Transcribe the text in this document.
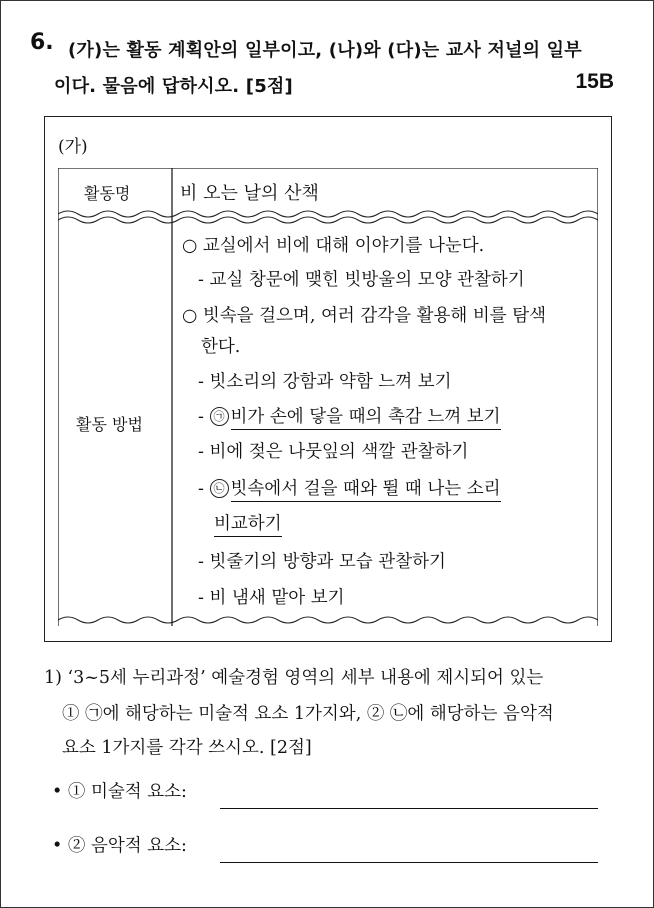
6. (가)는 활동 계획안의 일부이고, (나)와 (다)는 교사 저널의 일부
이다. 물음에 답하시오. [5점]	15B
(가)
활동명	비 오는 날의 산책
활동 방법
○ 교실에서 비에 대해 이야기를 나눈다.
- 교실 창문에 맺힌 빗방울의 모양 관찰하기
○ 빗속을 걸으며, 여러 감각을 활용해 비를 탐색
한다.
- 빗소리의 강함과 약함 느껴 보기
- ㉠ 비가 손에 닿을 때의 촉감 느껴 보기
- 비에 젖은 나뭇잎의 색깔 관찰하기
- ㉡ 빗속에서 걸을 때와 뛸 때 나는 소리
비교하기
- 빗줄기의 방향과 모습 관찰하기
- 비 냄새 맡아 보기
1) ‘3~5세 누리과정’ 예술경험 영역의 세부 내용에 제시되어 있는
① ㉠에 해당하는 미술적 요소 1가지와, ② ㉡에 해당하는 음악적
요소 1가지를 각각 쓰시오. [2점]
• ① 미술적 요소:
• ② 음악적 요소:
